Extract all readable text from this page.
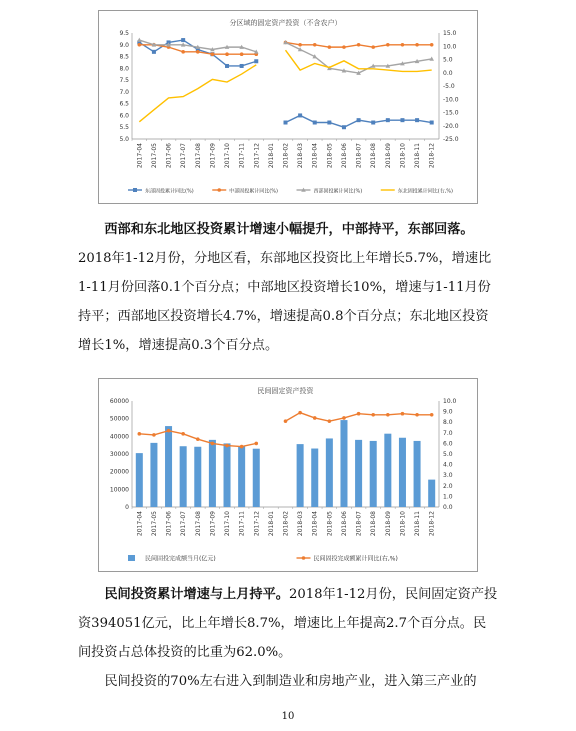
分区域的固定资产投资（不含农户）
5.0
5.5
6.0
6.5
7.0
7.5
8.0
8.5
9.0
9.5
-25.0
-20.0
-15.0
-10.0
-5.0
0.0
5.0
10.0
15.0
2017-04 2017-05 2017-06 2017-07 2017-08 2017-09 2017-10 2017-11 2017-12 2018-01 2018-02 2018-03 2018-04 2018-05 2018-06 2018-07 2018-08 2018-09 2018-10 2018-11 2018-12
东部固投累计同比(%)	中部固投累计同比(%)	西部固投累计同比(%)	东北固投累计同比(右,%)
  西部和东北地区投资累计增速小幅提升，中部持平，东部回落。2018年1-12月份，分地区看，东部地区投资比上年增长5.7%，增速比1-11月份回落0.1个百分点；中部地区投资增长10%，增速与1-11月份持平；西部地区投资增长4.7%，增速提高0.8个百分点；东北地区投资增长1%，增速提高0.3个百分点。
民间固定资产投资
0
10000
20000
30000
40000
50000
60000
0.0
1.0
2.0
3.0
4.0
5.0
6.0
7.0
8.0
9.0
10.0
2017-04 2017-05 2017-06 2017-07 2017-08 2017-09 2017-10 2017-11 2017-12 2018-01 2018-02 2018-03 2018-04 2018-05 2018-06 2018-07 2018-08 2018-09 2018-10 2018-11 2018-12
民间固投完成额当月(亿元)	民间固投完成额累计同比(右,%)
  民间投资累计增速与上月持平。2018年1-12月份，民间固定资产投资394051亿元，比上年增长8.7%，增速比上年提高2.7个百分点。民间投资占总体投资的比重为62.0%。
  民间投资的70%左右进入到制造业和房地产业，进入第三产业的
10
